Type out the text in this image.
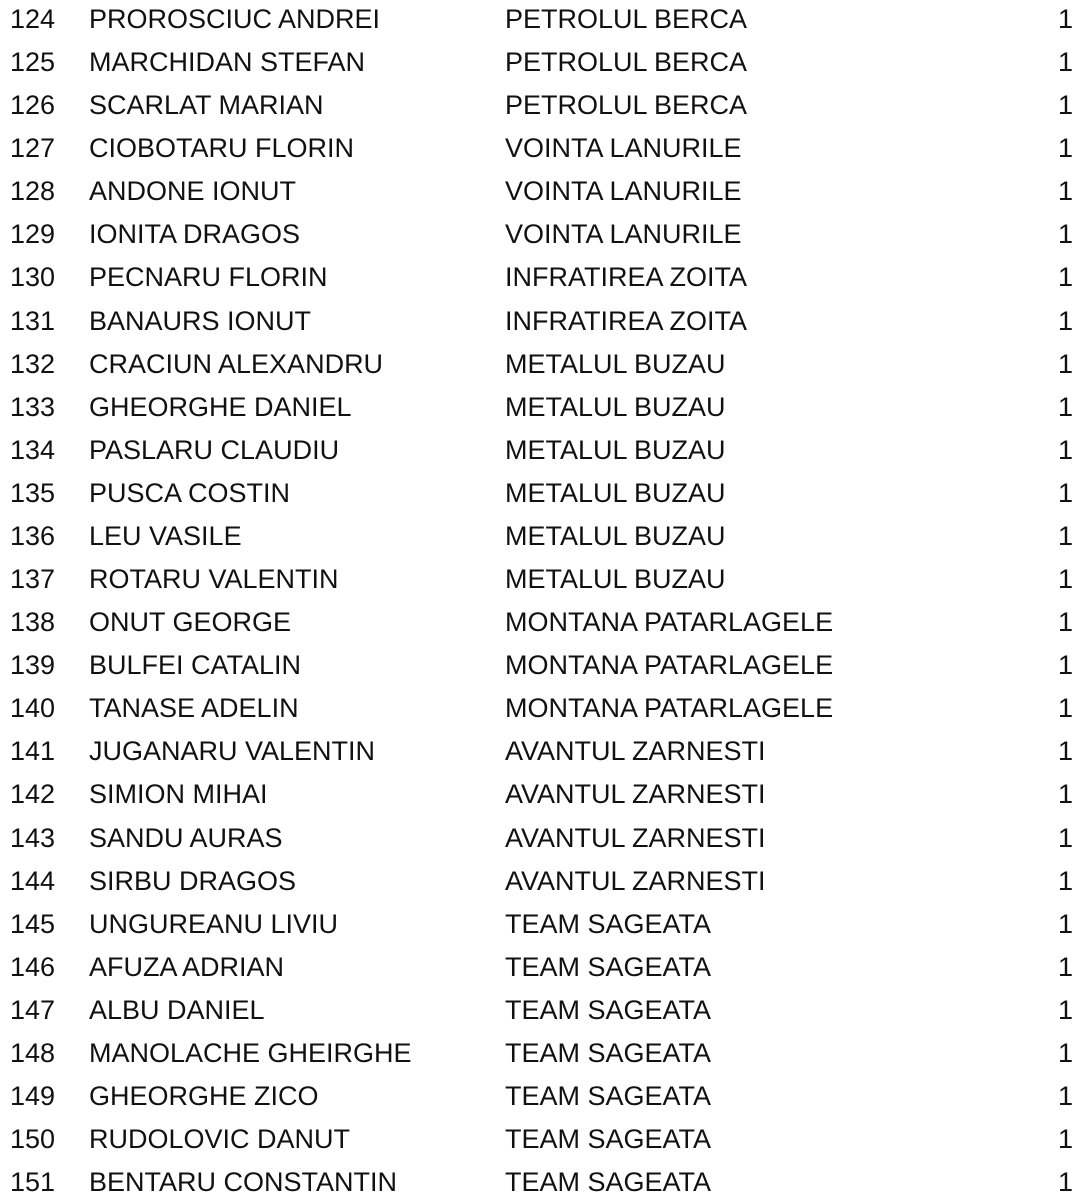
124 PROROSCIUC ANDREI	PETROLUL BERCA	1
125 MARCHIDAN STEFAN	PETROLUL BERCA	1
126 SCARLAT MARIAN	PETROLUL BERCA	1
127 CIOBOTARU FLORIN	VOINTA LANURILE	1
128 ANDONE IONUT	VOINTA LANURILE	1
129 IONITA DRAGOS	VOINTA LANURILE	1
130 PECNARU FLORIN	INFRATIREA ZOITA	1
131 BANAURS IONUT	INFRATIREA ZOITA	1
132 CRACIUN ALEXANDRU	METALUL BUZAU	1
133 GHEORGHE DANIEL	METALUL BUZAU	1
134 PASLARU CLAUDIU	METALUL BUZAU	1
135 PUSCA COSTIN	METALUL BUZAU	1
136 LEU VASILE	METALUL BUZAU	1
137 ROTARU VALENTIN	METALUL BUZAU	1
138 ONUT GEORGE	MONTANA PATARLAGELE	1
139 BULFEI CATALIN	MONTANA PATARLAGELE	1
140 TANASE ADELIN	MONTANA PATARLAGELE	1
141 JUGANARU VALENTIN	AVANTUL ZARNESTI	1
142 SIMION MIHAI	AVANTUL ZARNESTI	1
143 SANDU AURAS	AVANTUL ZARNESTI	1
144 SIRBU DRAGOS	AVANTUL ZARNESTI	1
145 UNGUREANU LIVIU	TEAM SAGEATA	1
146 AFUZA ADRIAN	TEAM SAGEATA	1
147 ALBU DANIEL	TEAM SAGEATA	1
148 MANOLACHE GHEIRGHE	TEAM SAGEATA	1
149 GHEORGHE ZICO	TEAM SAGEATA	1
150 RUDOLOVIC DANUT	TEAM SAGEATA	1
151 BENTARU CONSTANTIN	TEAM SAGEATA	1
